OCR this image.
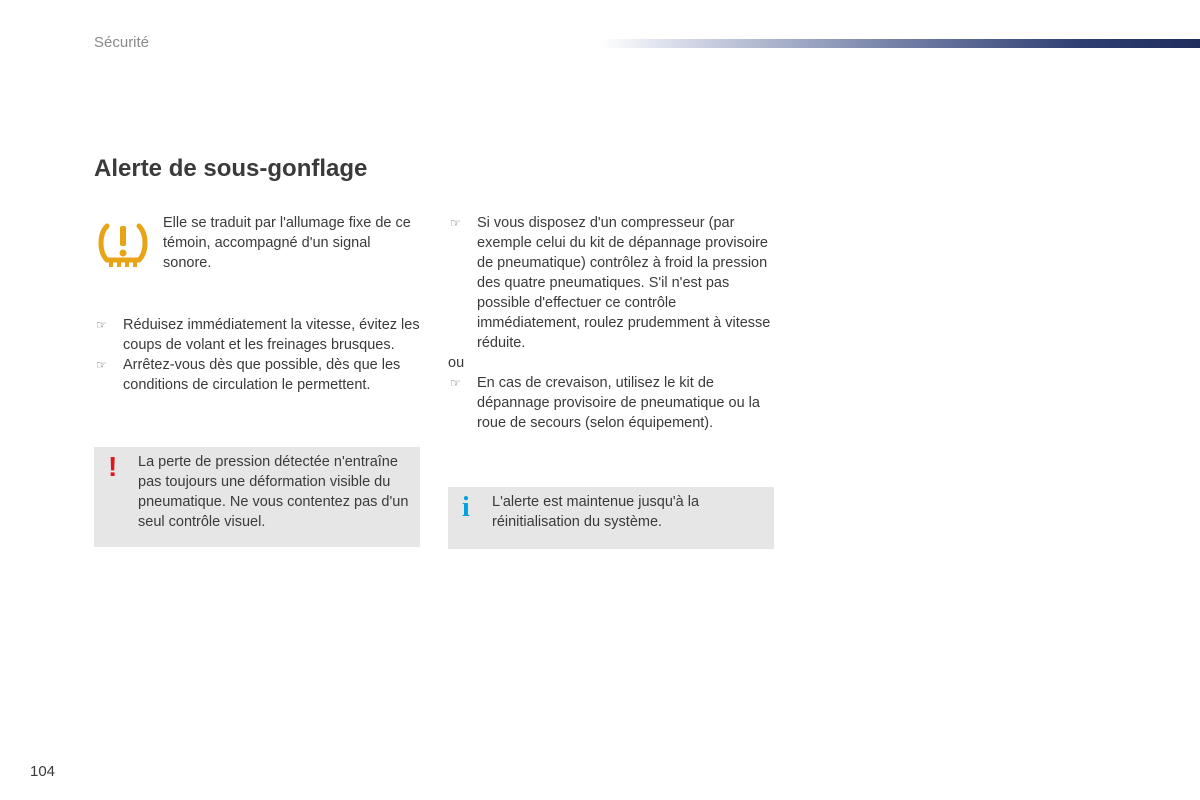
Sécurité
Alerte de sous-gonflage
Elle se traduit par l'allumage fixe de ce témoin, accompagné d'un signal sonore.
☞ Réduisez immédiatement la vitesse, évitez les coups de volant et les freinages brusques.
☞ Arrêtez-vous dès que possible, dès que les conditions de circulation le permettent.
! La perte de pression détectée n'entraîne pas toujours une déformation visible du pneumatique. Ne vous contentez pas d'un seul contrôle visuel.
☞ Si vous disposez d'un compresseur (par exemple celui du kit de dépannage provisoire de pneumatique) contrôlez à froid la pression des quatre pneumatiques. S'il n'est pas possible d'effectuer ce contrôle immédiatement, roulez prudemment à vitesse réduite.
ou
☞ En cas de crevaison, utilisez le kit de dépannage provisoire de pneumatique ou la roue de secours (selon équipement).
i L'alerte est maintenue jusqu'à la réinitialisation du système.
104
